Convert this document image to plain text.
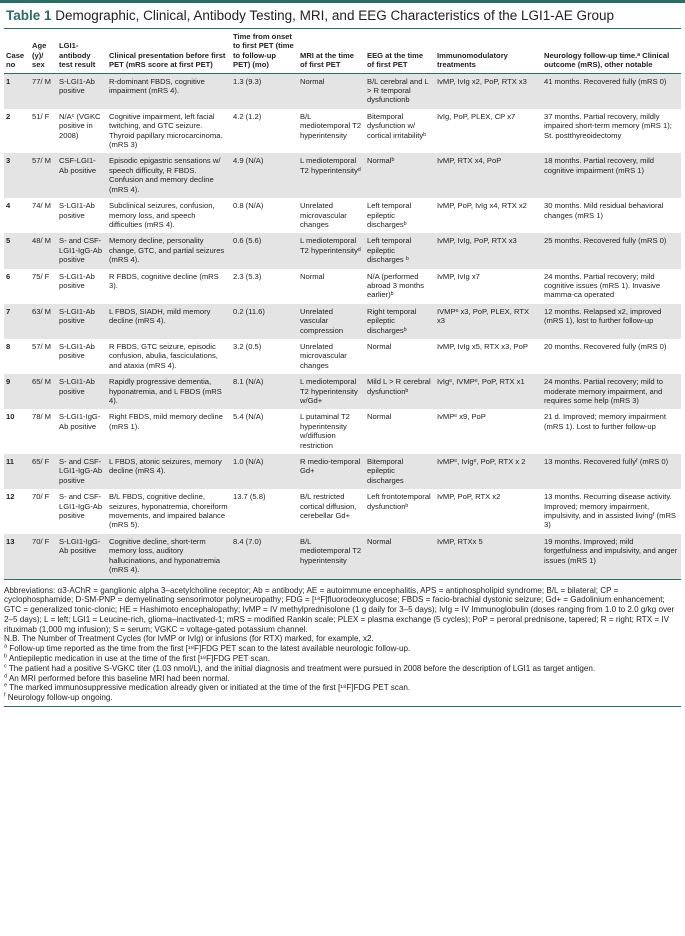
Table 1 Demographic, Clinical, Antibody Testing, MRI, and EEG Characteristics of the LGI1-AE Group
Case no	Age (y)/ sex	LGI1-antibody test result	Clinical presentation before first PET (mRS score at first PET)	Time from onset to first PET (time to follow-up PET) (mo)	MRI at the time of first PET	EEG at the time of first PET	Immunomodulatory treatments	Neurology follow-up time.ᵃ Clinical outcome (mRS), other notable
1	77/ M	S-LGI1-Ab positive	R-dominant FBDS, cognitive impairment (mRS 4).	1.3 (9.3)	Normal	B/L cerebral and L > R temporal dysfunctionb	IvMP, IvIg x2, PoP, RTX x3	41 months. Recovered fully (mRS 0)
2	51/ F	N/Aᶜ (VGKC positive in 2008)	Cognitive impairment, left facial twitching, and GTC seizure. Thyroid papillary microcarcinoma. (mRS 3)	4.2 (1.2)	B/L mediotemporal T2 hyperintensity	Bitemporal dysfunction w/ cortical irritabilityᵇ	IvIg, PoP, PLEX, CP x7	37 months. Partial recovery, mildly impaired short-term memory (mRS 1); St. postthyreoidectomy
3	57/ M	CSF-LGI1-Ab positive	Episodic epigastric sensations w/ speech difficulty, R FBDS. Confusion and memory decline (mRS 4).	4.9 (N/A)	L mediotemporal T2 hyperintensityᵈ	Normalᵇ	IvMP, RTX x4, PoP	18 months. Partial recovery, mild cognitive impairment (mRS 1)
4	74/ M	S-LGI1-Ab positive	Subclinical seizures, confusion, memory loss, and speech difficulties (mRS 4).	0.8 (N/A)	Unrelated microvascular changes	Left temporal epileptic dischargesᵇ	IvMP, PoP, IvIg x4, RTX x2	30 months. Mild residual behavioral changes (mRS 1)
5	48/ M	S- and CSF-LGI1-IgG-Ab positive	Memory decline, personality change, GTC, and partial seizures (mRS 4).	0.6 (5.6)	L mediotemporal T2 hyperintensityᵈ	Left temporal epileptic discharges ᵇ	IvMP, IvIg, PoP, RTX x3	25 months. Recovered fully (mRS 0)
6	75/ F	S-LGI1-Ab positive	R FBDS, cognitive decline (mRS 3).	2.3 (5.3)	Normal	N/A (performed abroad 3 months earlier)ᵇ	IvMP, IvIg x7	24 months. Partial recovery; mild cognitive issues (mRS 1). Invasive mamma-ca operated
7	63/ M	S-LGI1-Ab positive	L FBDS, SIADH, mild memory decline (mRS 4).	0.2 (11.6)	Unrelated vascular compression	Right temporal epileptic dischargesᵇ	IVMPᵉ x3, PoP, PLEX, RTX x3	12 months. Relapsed x2, improved (mRS 1), lost to further follow-up
8	57/ M	S-LGI1-Ab positive	R FBDS, GTC seizure, episodic confusion, abulia, fasciculations, and ataxia (mRS 4).	3.2 (0.5)	Unrelated microvascular changes	Normal	IvMP, IvIg x5, RTX x3, PoP	20 months. Recovered fully (mRS 0)
9	65/ M	S-LGI1-Ab positive	Rapidly progressive dementia, hyponatremia, and L FBDS (mRS 4).	8.1 (N/A)	L mediotemporal T2 hyperintensity w/Gd+	Mild L > R cerebral dysfunctionᵇ	IvIgᵉ, IVMPᵉ, PoP, RTX x1	24 months. Partial recovery; mild to moderate memory impairment, and requires some help (mRS 3)
10	78/ M	S-LGI1-IgG-Ab positive	Right FBDS, mild memory decline (mRS 1).	5.4 (N/A)	L putaminal T2 hyperintensity w/diffusion restriction	Normal	IvMPᵉ x9, PoP	21 d. Improved; memory impairment (mRS 1). Lost to further follow-up
11	65/ F	S- and CSF-LGI1-IgG-Ab positive	L FBDS, atonic seizures, memory decline (mRS 4).	1.0 (N/A)	R medio-temporal Gd+	Bitemporal epileptic discharges	IvMPᵉ, IvIgᵉ, PoP, RTX x 2	13 months. Recovered fullyᶠ (mRS 0)
12	70/ F	S- and CSF-LGI1-IgG-Ab positive	B/L FBDS, cognitive decline, seizures, hyponatremia, choreiform movements, and impaired balance (mRS 5).	13.7 (5.8)	B/L restricted cortical diffusion, cerebellar Gd+	Left frontotemporal dysfunctionᵇ	IvMP, PoP, RTX x2	13 months. Recurring disease activity. Improved; memory impairment, impulsivity, and in assisted livingᶠ (mRS 3)
13	70/ F	S-LGI1-IgG-Ab positive	Cognitive decline, short-term memory loss, auditory hallucinations, and hyponatremia (mRS 4).	8.4 (7.0)	B/L mediotemporal T2 hyperintensity	Normal	IvMP, RTXx 5	19 months. Improved; mild forgetfulness and impulsivity, and anger issues (mRS 1)

Abbreviations: α3-AChR = ganglionic alpha 3–acetylcholine receptor; Ab = antibody; AE = autoimmune encephalitis, APS = antiphospholipid syndrome; B/L = bilateral; CP = cyclophosphamide; D-SM-PNP = demyelinating sensorimotor polyneuropathy; FDG = [¹⁸F]fluorodeoxyglucose; FBDS = facio-brachial dystonic seizure; Gd+ = Gadolinium enhancement; GTC = generalized tonic-clonic; HE = Hashimoto encephalopathy; IvMP = IV methylprednisolone (1 g daily for 3–5 days); IvIg = IV Immunoglobulin (doses ranging from 1.0 to 2.0 g/kg over 2–5 days); L = left; LGI1 = Leucine-rich, glioma–inactivated-1; mRS = modified Rankin scale; PLEX = plasma exchange (5 cycles); PoP = peroral prednisone, tapered; R = right; RTX = IV rituximab (1,000 mg infusion); S = serum; VGKC = voltage-gated potassium channel.

N.B. The Number of Treatment Cycles (for IvMP or IvIg) or infusions (for RTX) marked, for example, x2.

$^a$ Follow-up time reported as the time from the first [¹⁸F]FDG PET scan to the latest available neurologic follow-up.

$^b$ Antiepileptic medication in use at the time of the first [¹⁸F]FDG PET scan.

$^c$ The patient had a positive S-VGKC titer (1.03 nmol/L), and the initial diagnosis and treatment were pursued in 2008 before the description of LGI1 as target antigen.

$^d$ An MRI performed before this baseline MRI had been normal.

$^e$ The marked immunosuppressive medication already given or initiated at the time of the first [¹⁸F]FDG PET scan.

$^f$ Neurology follow-up ongoing.
